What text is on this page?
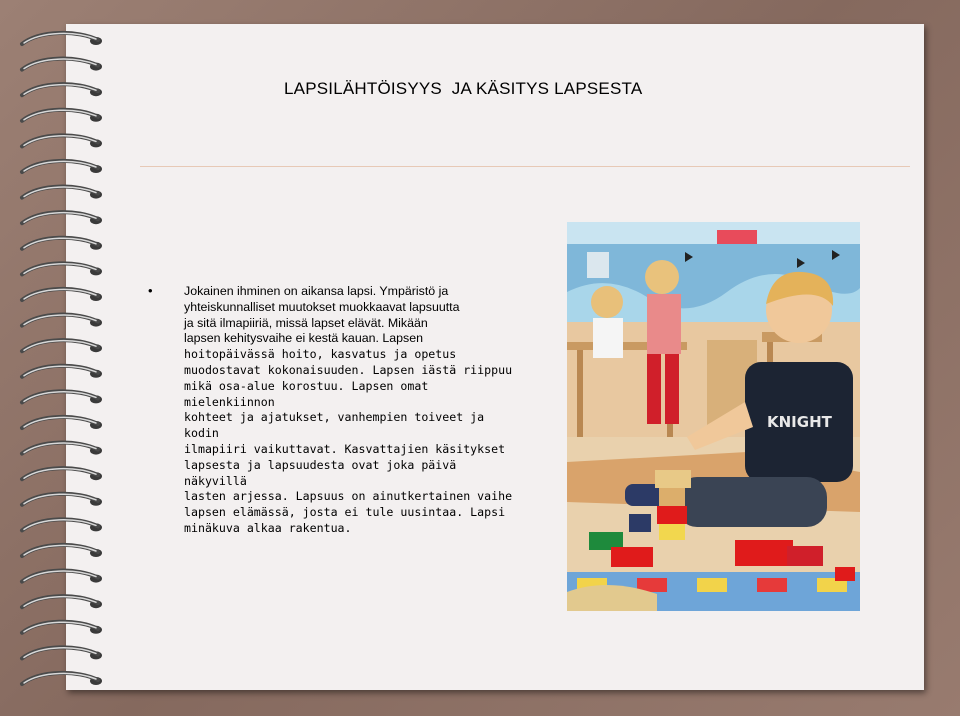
LAPSILÄHTÖISYYS  JA KÄSITYS LAPSESTA
•	Jokainen ihminen on aikansa lapsi. Ympäristö ja
yhteiskunnalliset muutokset muokkaavat lapsuutta
ja sitä ilmapiiriä, missä lapset elävät. Mikään
lapsen kehitysvaihe ei kestä kauan. Lapsen
hoitopäivässä hoito, kasvatus ja opetus
muodostavat kokonaisuuden. Lapsen iästä riippuu
mikä osa-alue korostuu. Lapsen omat mielenkiinnon
kohteet ja ajatukset, vanhempien toiveet ja kodin
ilmapiiri vaikuttavat. Kasvattajien käsitykset
lapsesta ja lapsuudesta ovat joka päivä näkyvillä
lasten arjessa. Lapsuus on ainutkertainen vaihe
lapsen elämässä, josta ei tule uusintaa. Lapsi
minäkuva alkaa rakentua.

KNIGHT
